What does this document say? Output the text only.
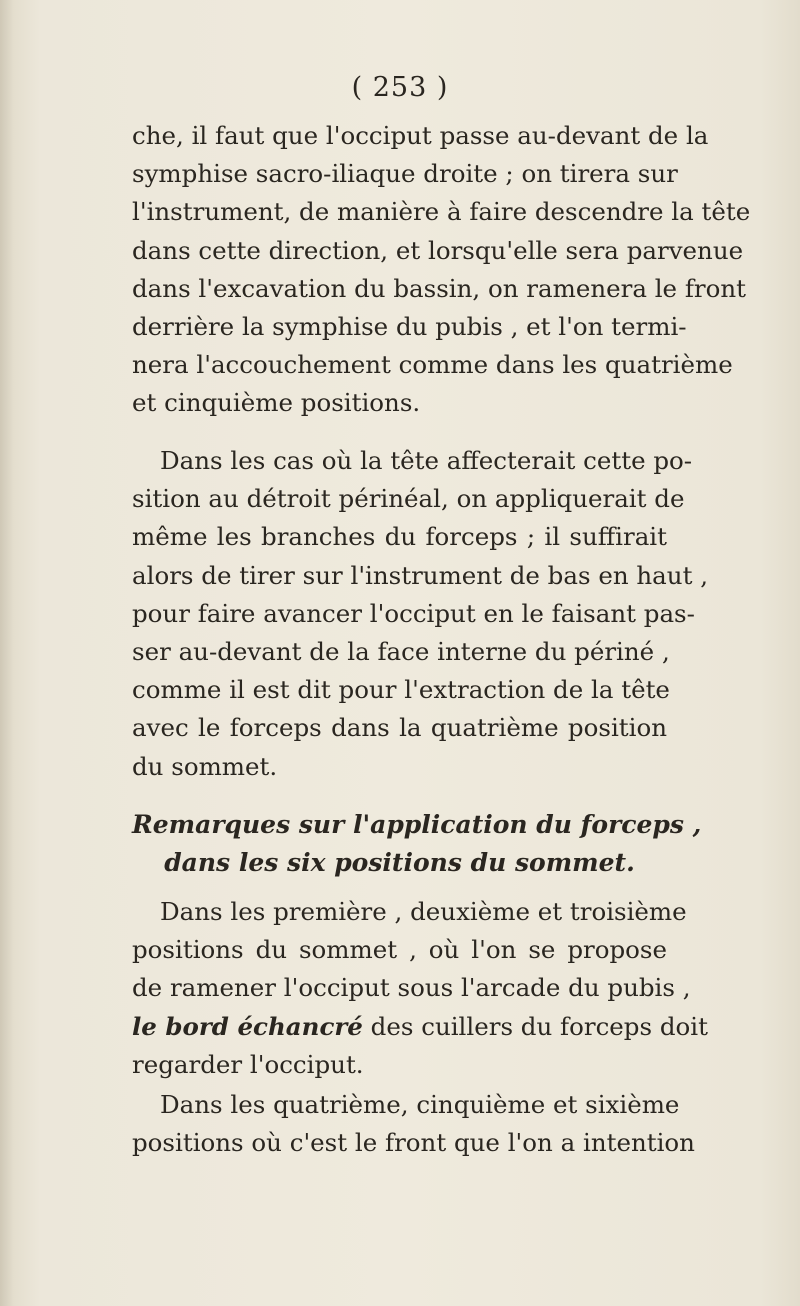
( 253 )
che, il faut que l'occiput passe au-devant de la
symphise sacro-iliaque droite ; on tirera sur
l'instrument, de manière à faire descendre la tête
dans cette direction, et lorsqu'elle sera parvenue
dans l'excavation du bassin, on ramenera le front
derrière la symphise du pubis , et l'on termi-
nera l'accouchement comme dans les quatrième
et cinquième positions.
Dans les cas où la tête affecterait cette po-
sition au détroit périnéal, on appliquerait de
même les branches du forceps ; il suffirait
alors de tirer sur l'instrument de bas en haut ,
pour faire avancer l'occiput en le faisant pas-
ser au-devant de la face interne du périné ,
comme il est dit pour l'extraction de la tête
avec le forceps dans la quatrième position
du sommet.
Remarques sur l'application du forceps ,
dans les six positions du sommet.
Dans les première , deuxième et troisième
positions du sommet , où l'on se propose
de ramener l'occiput sous l'arcade du pubis ,
le bord échancré des cuillers du forceps doit
regarder l'occiput.
Dans les quatrième, cinquième et sixième
positions où c'est le front que l'on a intention
